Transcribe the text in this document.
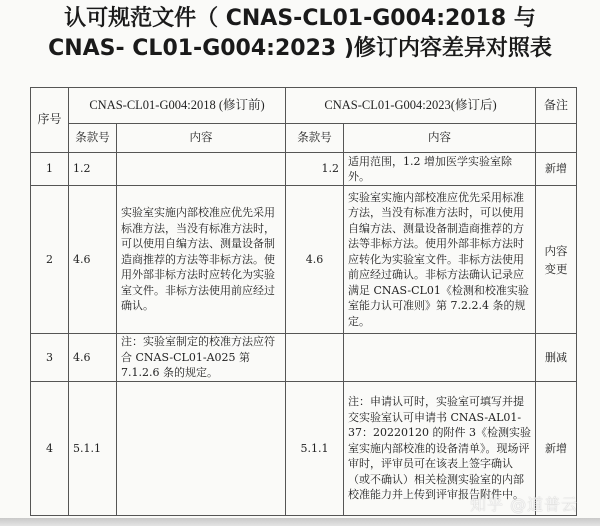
认可规范文件（ CNAS-CL01-G004:2018 与
CNAS- CL01-G004:2023 )修订内容差异对照表
序号	CNAS-CL01-G004:2018 (修订前)		CNAS-CL01-G004:2023(修订后)		备注
	条款号	内容	条款号	内容	
1	1.2		1.2	适用范围，1.2 增加医学实验室除外。	新增
2	4.6	实验室实施内部校准应优先采用标准方法，当没有标准方法时，可以使用自编方法、测量设备制造商推荐的方法等非标方法。使用外部非标方法时应转化为实验室文件。非标方法使用前应经过确认。	4.6	实验室实施内部校准应优先采用标准方法，当没有标准方法时，可以使用自编方法、测量设备制造商推荐的方法等非标方法。使用外部非标方法时应转化为实验室文件。非标方法使用前应经过确认。非标方法确认记录应满足 CNAS-CL01《检测和校准实验室能力认可准则》第 7.2.2.4 条的规定。	内容变更
3	4.6	注：实验室制定的校准方法应符合 CNAS-CL01-A025 第 7.1.2.6 条的规定。			删减
4	5.1.1		5.1.1	注：申请认可时，实验室可填写并提交实验室认可申请书 CNAS-AL01-37：20220120 的附件 3《检测实验室实施内部校准的设备清单》。现场评审时，评审员可在该表上签字确认（或不确认）相关检测实验室的内部校准能力并上传到评审报告附件中。	新增
知乎 @道普云
